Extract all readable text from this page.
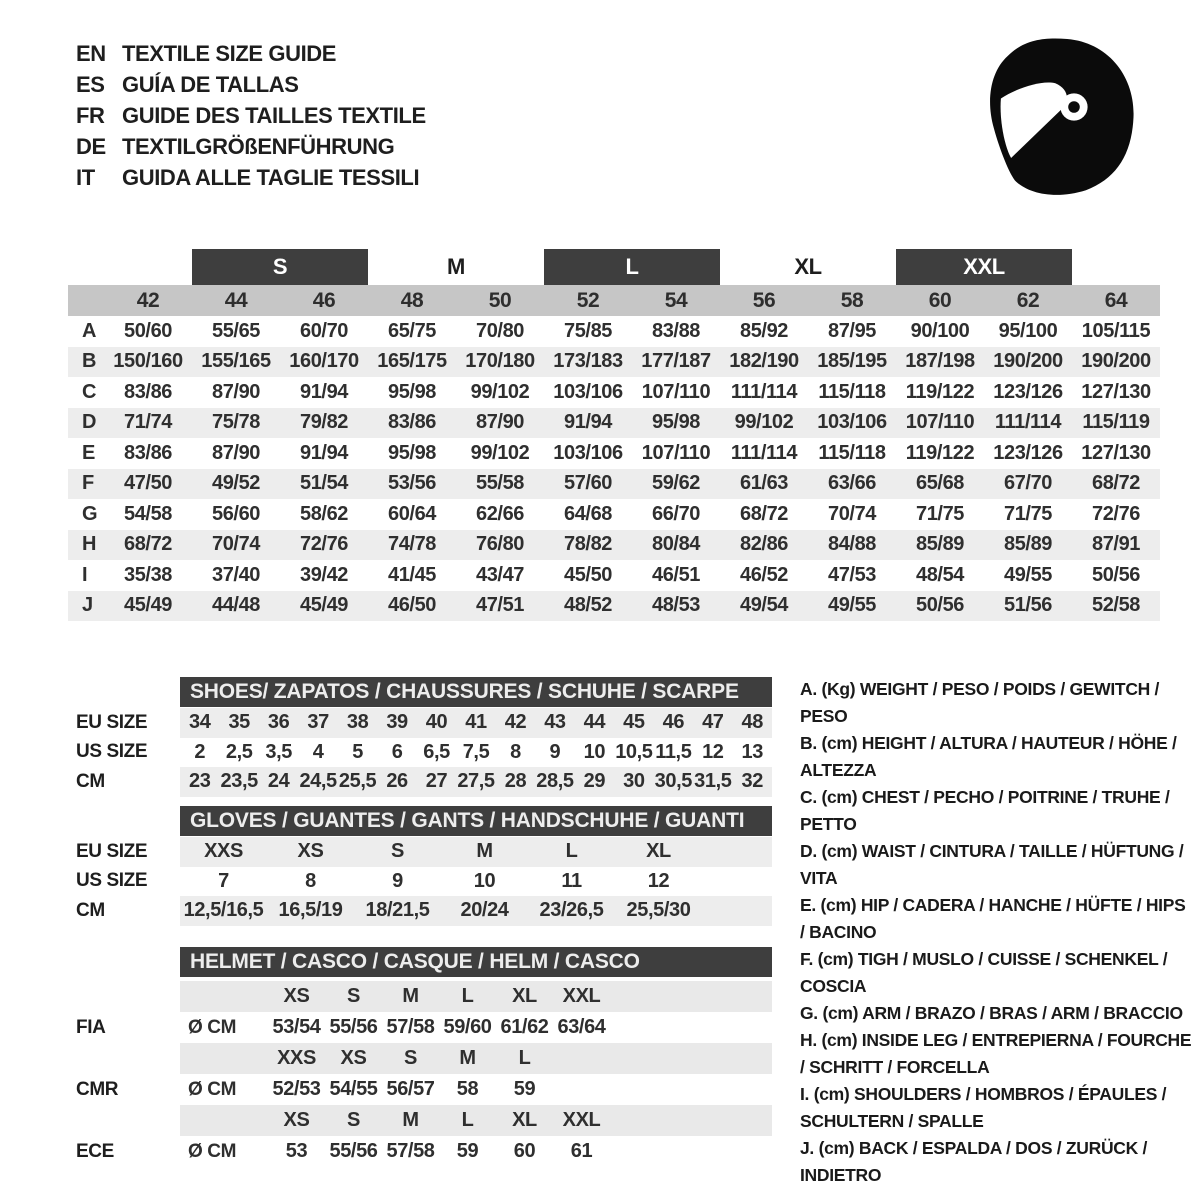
EN TEXTILE SIZE GUIDE
ES GUÍA DE TALLAS
FR GUIDE DES TAILLES TEXTILE
DE TEXTILGRÖßENFÜHRUNG
IT	GUIDA ALLE TAGLIE TESSILI
S	M	L	XL	XXL
42	44	46	48	50	52	54	56	58	60	62	64
A	50/60	55/65	60/70	65/75	70/80	75/85	83/88	85/92	87/95	90/100	95/100	105/115
B 150/160 155/165 160/170 165/175 170/180 173/183 177/187 182/190 185/195 187/198 190/200 190/200
C	83/86	87/90	91/94	95/98	99/102	103/106 107/110	111/114	115/118	119/122 123/126 127/130
D	71/74	75/78	79/82	83/86	87/90	91/94	95/98	99/102	103/106 107/110	111/114	115/119
E	83/86	87/90	91/94	95/98	99/102	103/106 107/110	111/114	115/118	119/122 123/126 127/130
F	47/50	49/52	51/54	53/56	55/58	57/60	59/62	61/63	63/66	65/68	67/70	68/72
G	54/58	56/60	58/62	60/64	62/66	64/68	66/70	68/72	70/74	71/75	71/75	72/76
H	68/72	70/74	72/76	74/78	76/80	78/82	80/84	82/86	84/88	85/89	85/89	87/91
I	35/38	37/40	39/42	41/45	43/47	45/50	46/51	46/52	47/53	48/54	49/55	50/56
J	45/49	44/48	45/49	46/50	47/51	48/52	48/53	49/54	49/55	50/56	51/56	52/58
SHOES/ ZAPATOS / CHAUSSURES / SCHUHE / SCARPE
EU SIZE	34 35 36 37 38 39 40 41 42 43 44 45 46 47 48
US SIZE	2	2,5 3,5	4	5	6	6,5 7,5	8	9	10 10,5 11,5 12 13
CM	23 23,5 24 24,5 25,5 26 27 27,5 28 28,5 29 30 30,5 31,5 32
GLOVES / GUANTES / GANTS / HANDSCHUHE / GUANTI
EU SIZE	XXS	XS	S	M	L	XL
US SIZE	7	8	9	10	11	12
CM	12,5/16,5 16,5/19	18/21,5	20/24	23/26,5	25,5/30
HELMET / CASCO / CASQUE / HELM / CASCO
XS	S	M	L	XL	XXL
FIA	Ø CM	53/54 55/56 57/58 59/60 61/62 63/64
XXS	XS	S	M	L
CMR	Ø CM	52/53 54/55 56/57	58	59
XS	S	M	L	XL	XXL
ECE	Ø CM	53	55/56 57/58	59	60	61
A. (Kg) WEIGHT / PESO / POIDS / GEWITCH / PESO
B. (cm) HEIGHT / ALTURA / HAUTEUR / HÖHE / ALTEZZA
C. (cm) CHEST / PECHO / POITRINE / TRUHE / PETTO
D. (cm) WAIST / CINTURA / TAILLE / HÜFTUNG / VITA
E. (cm) HIP / CADERA / HANCHE / HÜFTE / HIPS / BACINO
F. (cm) TIGH / MUSLO / CUISSE / SCHENKEL / COSCIA
G. (cm) ARM / BRAZO / BRAS / ARM / BRACCIO
H. (cm) INSIDE LEG / ENTREPIERNA / FOURCHE / SCHRITT / FORCELLA
I. (cm) SHOULDERS / HOMBROS / ÉPAULES / SCHULTERN / SPALLE
J. (cm) BACK / ESPALDA / DOS / ZURÜCK / INDIETRO
